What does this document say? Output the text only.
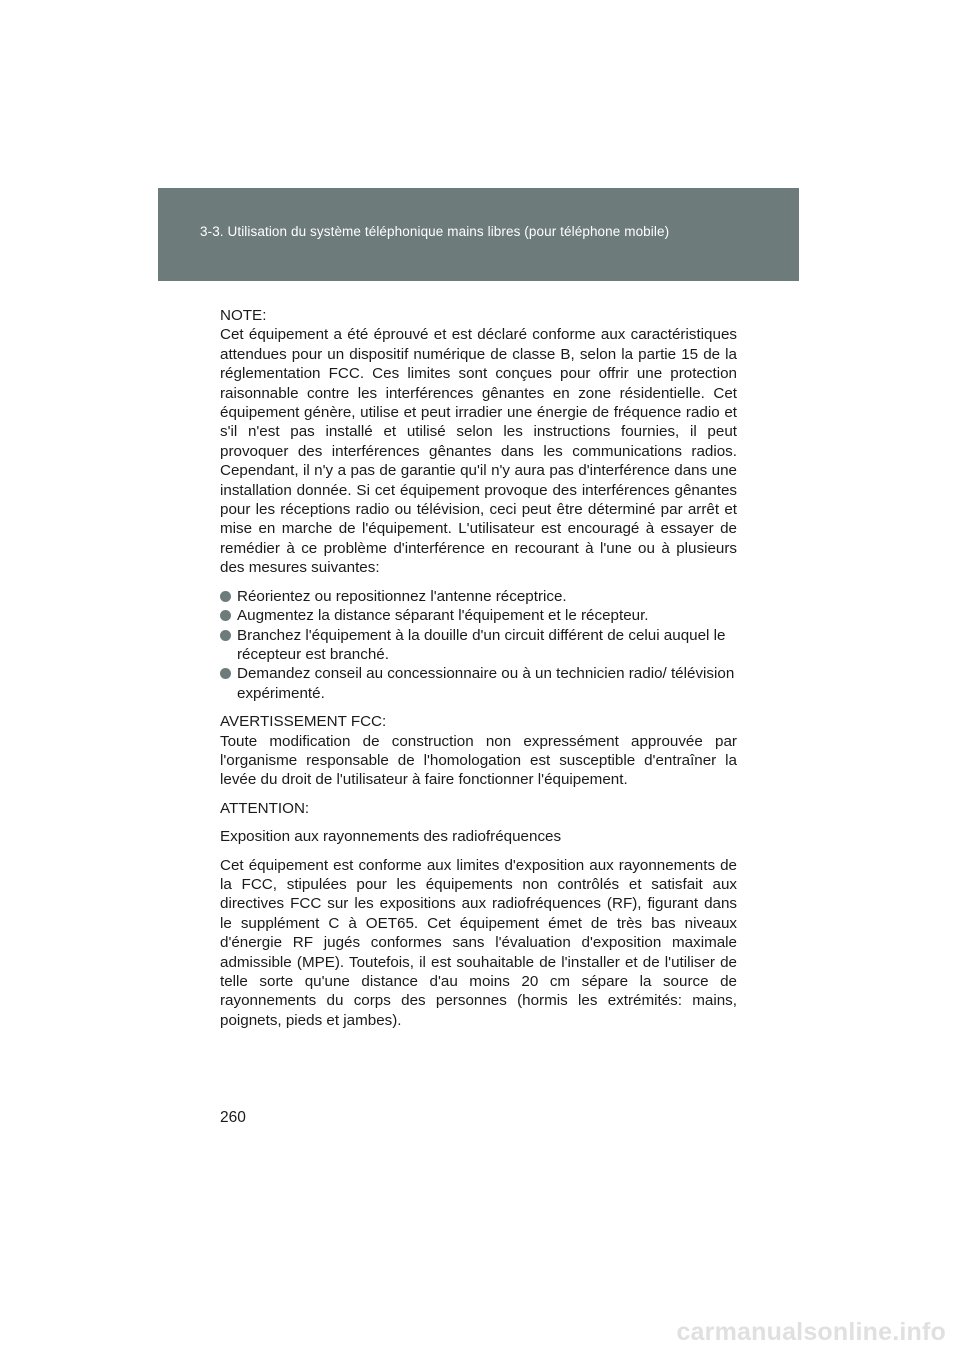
3-3. Utilisation du système téléphonique mains libres (pour téléphone mobile)

NOTE:

Cet équipement a été éprouvé et est déclaré conforme aux caractéristiques attendues pour un dispositif numérique de classe B, selon la partie 15 de la réglementation FCC. Ces limites sont conçues pour offrir une protection raisonnable contre les interférences gênantes en zone résidentielle. Cet équipement génère, utilise et peut irradier une énergie de fréquence radio et s'il n'est pas installé et utilisé selon les instructions fournies, il peut provoquer des interférences gênantes dans les communications radios. Cependant, il n'y a pas de garantie qu'il n'y aura pas d'interférence dans une installation donnée. Si cet équipement provoque des interférences gênantes pour les réceptions radio ou télévision, ceci peut être déterminé par arrêt et mise en marche de l'équipement. L'utilisateur est encouragé à essayer de remédier à ce problème d'interférence en recourant à l'une ou à plusieurs des mesures suivantes:

Réorientez ou repositionnez l'antenne réceptrice.

Augmentez la distance séparant l'équipement et le récepteur.

Branchez l'équipement à la douille d'un circuit différent de celui auquel le récepteur est branché.

Demandez conseil au concessionnaire ou à un technicien radio/ télévision expérimenté.

AVERTISSEMENT FCC:

Toute modification de construction non expressément approuvée par l'organisme responsable de l'homologation est susceptible d'entraîner la levée du droit de l'utilisateur à faire fonctionner l'équipement.

ATTENTION:

Exposition aux rayonnements des radiofréquences

Cet équipement est conforme aux limites d'exposition aux rayonnements de la FCC, stipulées pour les équipements non contrôlés et satisfait aux directives FCC sur les expositions aux radiofréquences (RF), figurant dans le supplément C à OET65. Cet équipement émet de très bas niveaux d'énergie RF jugés conformes sans l'évaluation d'exposition maximale admissible (MPE). Toutefois, il est souhaitable de l'installer et de l'utiliser de telle sorte qu'une distance d'au moins 20 cm sépare la source de rayonnements du corps des personnes (hormis les extrémités: mains, poignets, pieds et jambes).

260
carmanualsonline.info
